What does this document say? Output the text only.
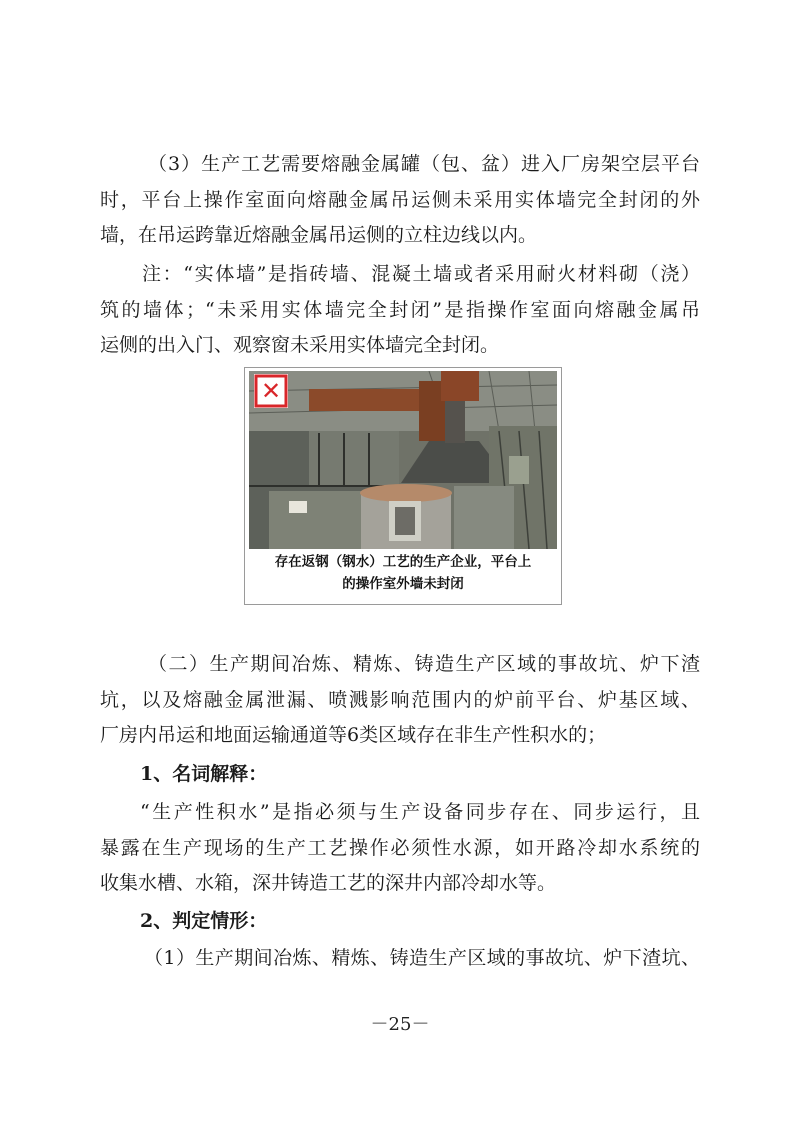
（3）生产工艺需要熔融金属罐（包、盆）进入厂房架空层平台
时，平台上操作室面向熔融金属吊运侧未采用实体墙完全封闭的外
墙，在吊运跨靠近熔融金属吊运侧的立柱边线以内。
注：“实体墙”是指砖墙、混凝土墙或者采用耐火材料砌（浇）
筑的墙体；“未采用实体墙完全封闭”是指操作室面向熔融金属吊
运侧的出入门、观察窗未采用实体墙完全封闭。
✕
存在返钢（钢水）工艺的生产企业，平台上
的操作室外墙未封闭
（二）生产期间冶炼、精炼、铸造生产区域的事故坑、炉下渣
坑，以及熔融金属泄漏、喷溅影响范围内的炉前平台、炉基区域、
厂房内吊运和地面运输通道等6类区域存在非生产性积水的；
1、名词解释：
“生产性积水”是指必须与生产设备同步存在、同步运行，且
暴露在生产现场的生产工艺操作必须性水源，如开路冷却水系统的
收集水槽、水箱，深井铸造工艺的深井内部冷却水等。
2、判定情形：
（1）生产期间冶炼、精炼、铸造生产区域的事故坑、炉下渣坑、
－25－
